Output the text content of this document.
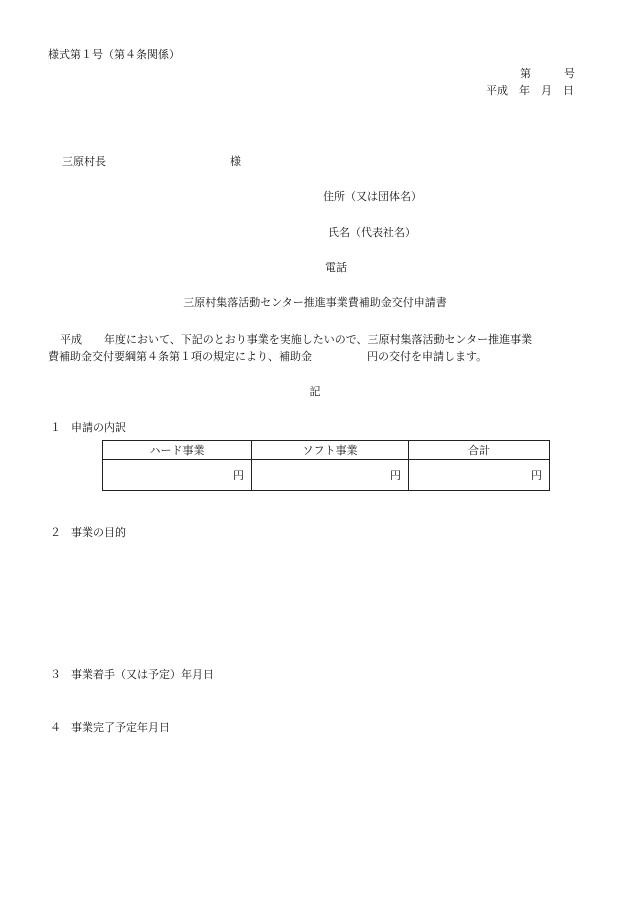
様式第１号（第４条関係）
第　　　号
平成　年　月　日
三原村長	様
住所（又は団体名）
氏名（代表社名）
電話
三原村集落活動センター推進事業費補助金交付申請書
平成　　年度において、下記のとおり事業を実施したいので、三原村集落活動センター推進事業
費補助金交付要綱第４条第１項の規定により、補助金　　　　　円の交付を申請します。
記
１ 申請の内訳
ハード事業	ソフト事業	合計
円	円	円
２ 事業の目的
３ 事業着手（又は予定）年月日
４ 事業完了予定年月日
